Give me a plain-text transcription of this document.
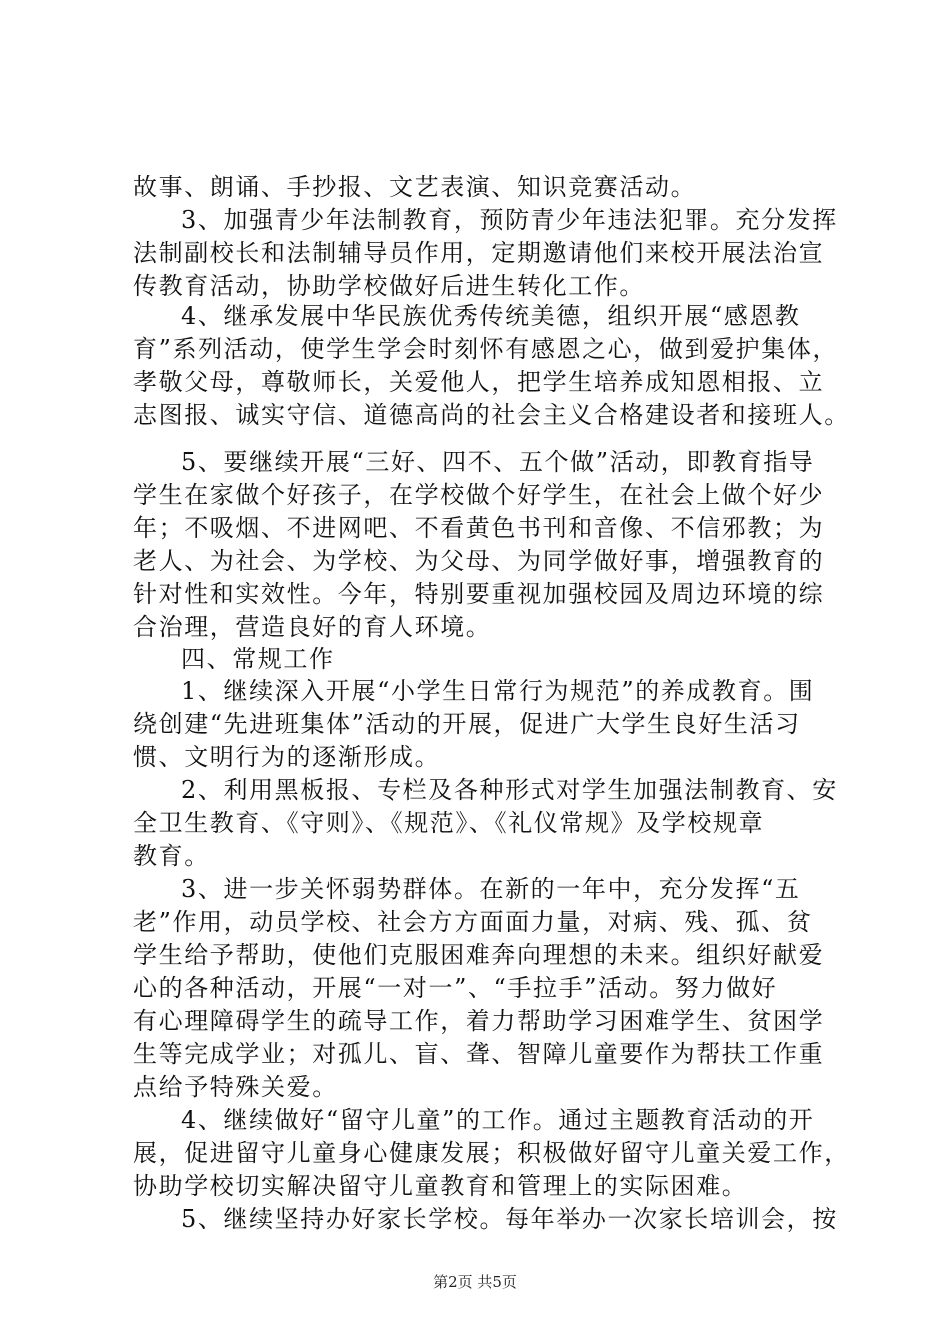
故事、朗诵、手抄报、文艺表演、知识竞赛活动。
3、加强青少年法制教育，预防青少年违法犯罪。充分发挥
法制副校长和法制辅导员作用，定期邀请他们来校开展法治宣
传教育活动，协助学校做好后进生转化工作。
4、继承发展中华民族优秀传统美德，组织开展“感恩教
育”系列活动，使学生学会时刻怀有感恩之心，做到爱护集体，
孝敬父母，尊敬师长，关爱他人，把学生培养成知恩相报、立
志图报、诚实守信、道德高尚的社会主义合格建设者和接班人。
5、要继续开展“三好、四不、五个做”活动，即教育指导
学生在家做个好孩子，在学校做个好学生，在社会上做个好少
年；不吸烟、不进网吧、不看黄色书刊和音像、不信邪教；为
老人、为社会、为学校、为父母、为同学做好事，增强教育的
针对性和实效性。今年，特别要重视加强校园及周边环境的综
合治理，营造良好的育人环境。
四、常规工作
1、继续深入开展“小学生日常行为规范”的养成教育。围
绕创建“先进班集体”活动的开展，促进广大学生良好生活习
惯、文明行为的逐渐形成。
2、利用黑板报、专栏及各种形式对学生加强法制教育、安
全卫生教育、《守则》、《规范》、《礼仪常规》及学校规章
教育。
3、进一步关怀弱势群体。在新的一年中，充分发挥“五
老”作用，动员学校、社会方方面面力量，对病、残、孤、贫
学生给予帮助，使他们克服困难奔向理想的未来。组织好献爱
心的各种活动，开展“一对一”、“手拉手”活动。努力做好
有心理障碍学生的疏导工作，着力帮助学习困难学生、贫困学
生等完成学业；对孤儿、盲、聋、智障儿童要作为帮扶工作重
点给予特殊关爱。
4、继续做好“留守儿童”的工作。通过主题教育活动的开
展，促进留守儿童身心健康发展；积极做好留守儿童关爱工作，
协助学校切实解决留守儿童教育和管理上的实际困难。
5、继续坚持办好家长学校。每年举办一次家长培训会，按
第2页 共5页
